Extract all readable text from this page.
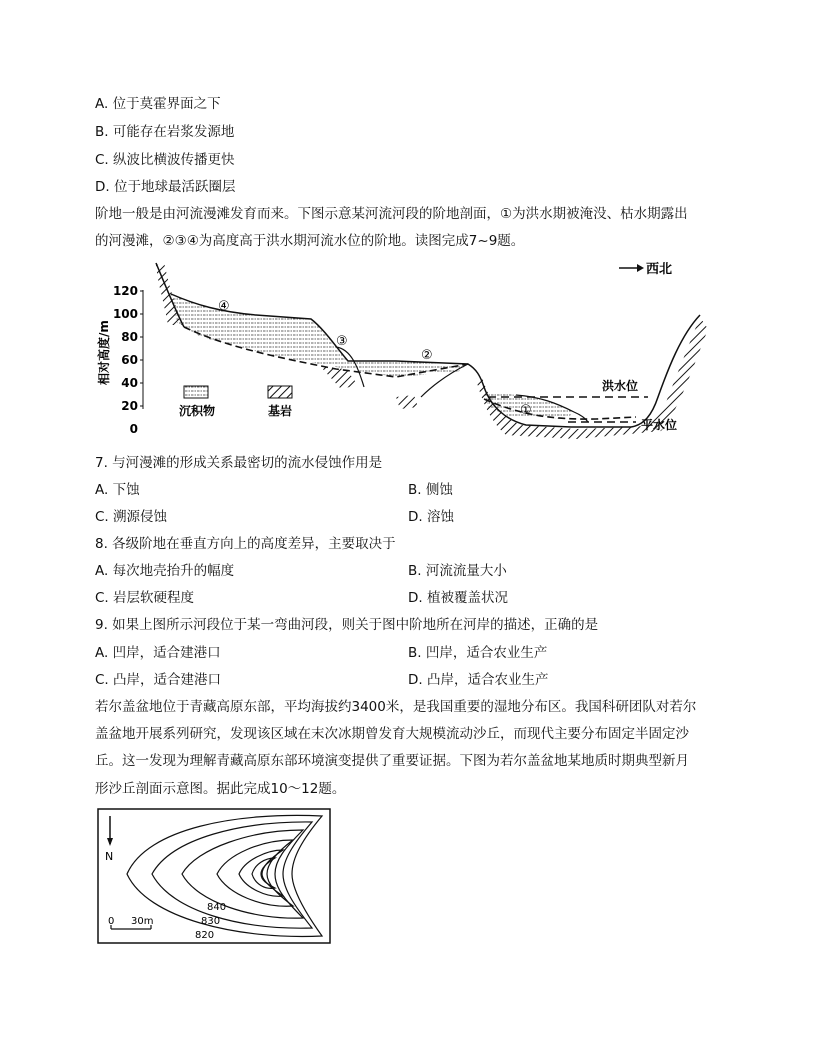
A. 位于莫霍界面之下
B. 可能存在岩浆发源地
C. 纵波比横波传播更快
D. 位于地球最活跃圈层
阶地一般是由河流漫滩发育而来。下图示意某河流河段的阶地剖面，①为洪水期被淹没、枯水期露出
的河漫滩，②③④为高度高于洪水期河流水位的阶地。读图完成7~9题。
120
100
80
60
40
20
0
相对高度/m
西北
洪水位
平水位
①
②
③
④
沉积物	基岩
7. 与河漫滩的形成关系最密切的流水侵蚀作用是
A. 下蚀	B. 侧蚀
C. 溯源侵蚀	D. 溶蚀
8. 各级阶地在垂直方向上的高度差异，主要取决于
A. 每次地壳抬升的幅度	B. 河流流量大小
C. 岩层软硬程度	D. 植被覆盖状况
9. 如果上图所示河段位于某一弯曲河段，则关于图中阶地所在河岸的描述，正确的是
A. 凹岸，适合建港口	B. 凹岸，适合农业生产
C. 凸岸，适合建港口	D. 凸岸，适合农业生产
若尔盖盆地位于青藏高原东部，平均海拔约3400米，是我国重要的湿地分布区。我国科研团队对若尔
盖盆地开展系列研究，发现该区域在末次冰期曾发育大规模流动沙丘，而现代主要分布固定半固定沙
丘。这一发现为理解青藏高原东部环境演变提供了重要证据。下图为若尔盖盆地某地质时期典型新月
形沙丘剖面示意图。据此完成10～12题。
N
0 30m
840
830
820
